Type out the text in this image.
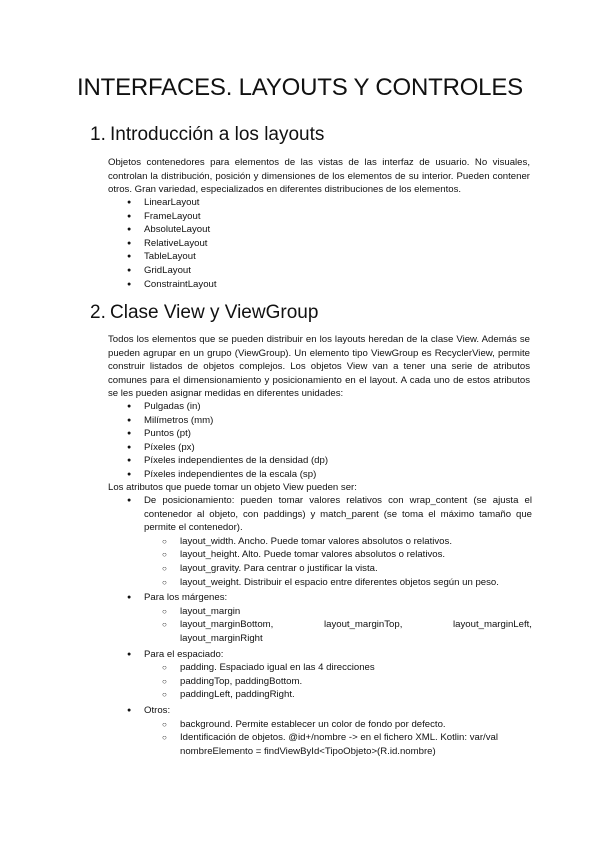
INTERFACES. LAYOUTS Y CONTROLES
1. Introducción a los layouts

Objetos contenedores para elementos de las vistas de las interfaz de usuario. No visuales, controlan la distribución, posición y dimensiones de los elementos de su interior. Pueden contener otros. Gran variedad, especializados en diferentes distribuciones de los elementos.

● LinearLayout
● FrameLayout
● AbsoluteLayout
● RelativeLayout
● TableLayout
● GridLayout
● ConstraintLayout
2. Clase View y ViewGroup

Todos los elementos que se pueden distribuir en los layouts heredan de la clase View. Además se pueden agrupar en un grupo (ViewGroup). Un elemento tipo ViewGroup es RecyclerView, permite construir listados de objetos complejos. Los objetos View van a tener una serie de atributos comunes para el dimensionamiento y posicionamiento en el layout. A cada uno de estos atributos se les pueden asignar medidas en diferentes unidades:

● Pulgadas (in)
● Milímetros (mm)
● Puntos (pt)
● Píxeles (px)
● Píxeles independientes de la densidad (dp)
● Píxeles independientes de la escala (sp)

Los atributos que puede tomar un objeto View pueden ser:

● De posicionamiento: pueden tomar valores relativos con wrap_content (se ajusta el contenedor al objeto, con paddings) y match_parent (se toma el máximo tamaño que permite el contenedor).
○ layout_width. Ancho. Puede tomar valores absolutos o relativos.
○ layout_height. Alto. Puede tomar valores absolutos o relativos.
○ layout_gravity. Para centrar o justificar la vista.
○ layout_weight. Distribuir el espacio entre diferentes objetos según un peso.
● Para los márgenes:
○ layout_margin
○ layout_marginBottom,	layout_marginTop,	layout_marginLeft,
layout_marginRight
● Para el espaciado:
○ padding. Espaciado igual en las 4 direcciones
○ paddingTop, paddingBottom.
○ paddingLeft, paddingRight.
● Otros:
○ background. Permite establecer un color de fondo por defecto.
○ Identificación de objetos. @id+/nombre -> en el fichero XML. Kotlin: var/val nombreElemento = findViewById<TipoObjeto>(R.id.nombre)
